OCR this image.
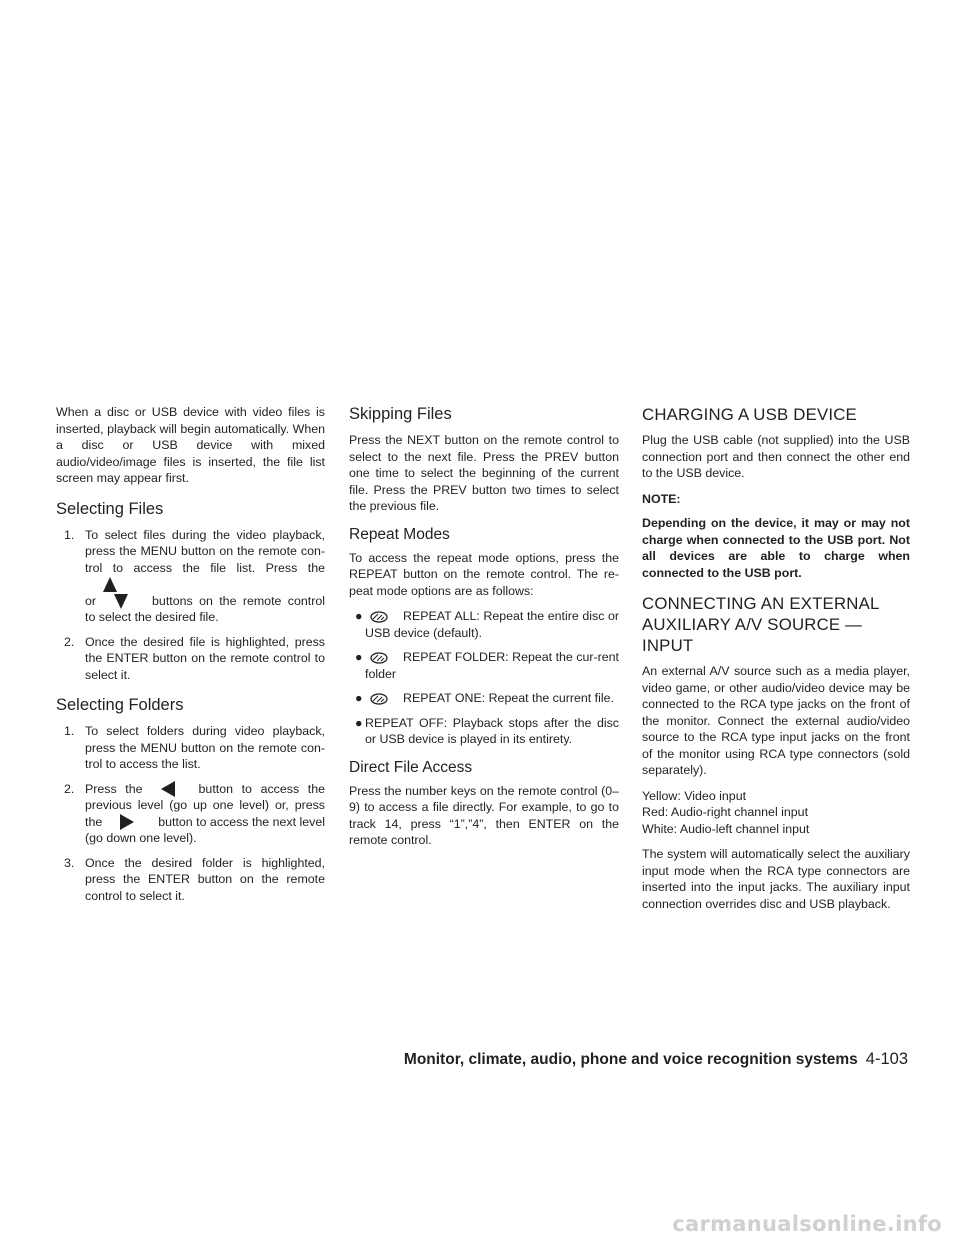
When a disc or USB device with video files is inserted, playback will begin automatically. When a disc or USB device with mixed audio/video/image files is inserted, the file list screen may appear first.

Selecting Files
1. To select files during the video playback, press the MENU button on the remote con-trol to access the file list. Press the
or	buttons on the remote control to select the desired file.
2. Once the desired file is highlighted, press the ENTER button on the remote control to select it.
Selecting Folders
1. To select folders during video playback, press the MENU button on the remote con-trol to access the list.
2. Press the	button to access the previous level (go up one level) or, press the	button to access the next level (go down one level).
3. Once the desired folder is highlighted, press the ENTER button on the remote control to select it.
Skipping Files

Press the NEXT button on the remote control to select to the next file. Press the PREV button one time to select the beginning of the current file. Press the PREV button two times to select the previous file.

Repeat Modes

To access the repeat mode options, press the REPEAT button on the remote control. The re-peat mode options are as follows:

●	REPEAT ALL: Repeat the entire disc or USB device (default).
●	REPEAT FOLDER: Repeat the cur-rent folder
●	REPEAT ONE: Repeat the current file.
● REPEAT OFF: Playback stops after the disc or USB device is played in its entirety.
Direct File Access

Press the number keys on the remote control (0–9) to access a file directly. For example, to go to track 14, press “1”,”4”, then ENTER on the remote control.

CHARGING A USB DEVICE

Plug the USB cable (not supplied) into the USB connection port and then connect the other end to the USB device.

NOTE:

Depending on the device, it may or may not charge when connected to the USB port. Not all devices are able to charge when connected to the USB port.

CONNECTING AN EXTERNAL
AUXILIARY A/V SOURCE — INPUT

An external A/V source such as a media player, video game, or other audio/video device may be connected to the RCA type jacks on the front of the monitor. Connect the external audio/video source to the RCA type input jacks on the front of the monitor using RCA type connectors (sold separately).

Yellow: Video input

Red: Audio-right channel input

White: Audio-left channel input

The system will automatically select the auxiliary input mode when the RCA type connectors are inserted into the input jacks. The auxiliary input connection overrides disc and USB playback.

Monitor, climate, audio, phone and voice recognition systems 4-103
carmanualsonline.info
